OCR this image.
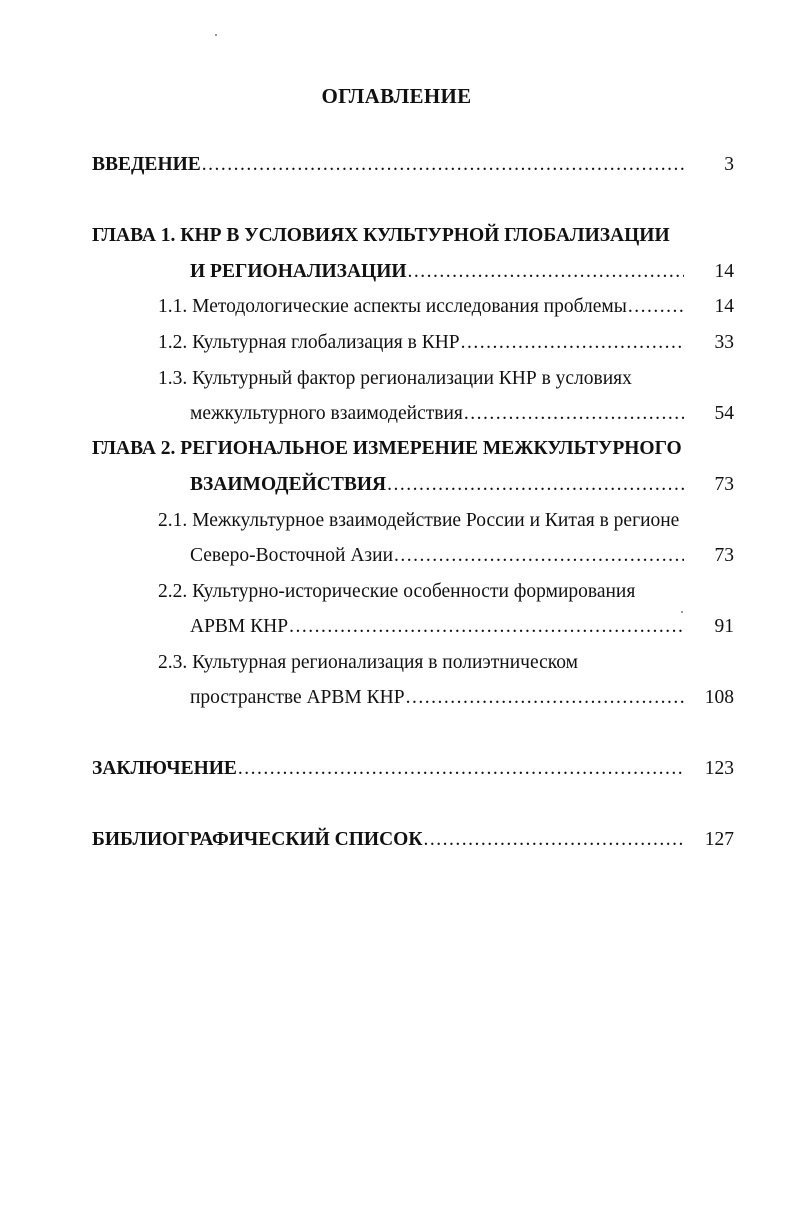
ОГЛАВЛЕНИЕ
ВВЕДЕНИЕ .....	3
ГЛАВА 1. КНР В УСЛОВИЯХ КУЛЬТУРНОЙ ГЛОБАЛИЗАЦИИ
И РЕГИОНАЛИЗАЦИИ .....	14
1.1. Методологические аспекты исследования проблемы .....	14
1.2. Культурная глобализация в КНР .....	33
1.3. Культурный фактор регионализации КНР в условиях
межкультурного взаимодействия .....	54
ГЛАВА 2. РЕГИОНАЛЬНОЕ ИЗМЕРЕНИЕ МЕЖКУЛЬТУРНОГО
ВЗАИМОДЕЙСТВИЯ .....	73
2.1. Межкультурное взаимодействие России и Китая в регионе
Северо-Восточной Азии .....	73
2.2. Культурно-исторические особенности формирования
АРВМ КНР .....	91
2.3. Культурная регионализация в полиэтническом
пространстве АРВМ КНР .....	108
ЗАКЛЮЧЕНИЕ .....	123
БИБЛИОГРАФИЧЕСКИЙ СПИСОК .....	127
